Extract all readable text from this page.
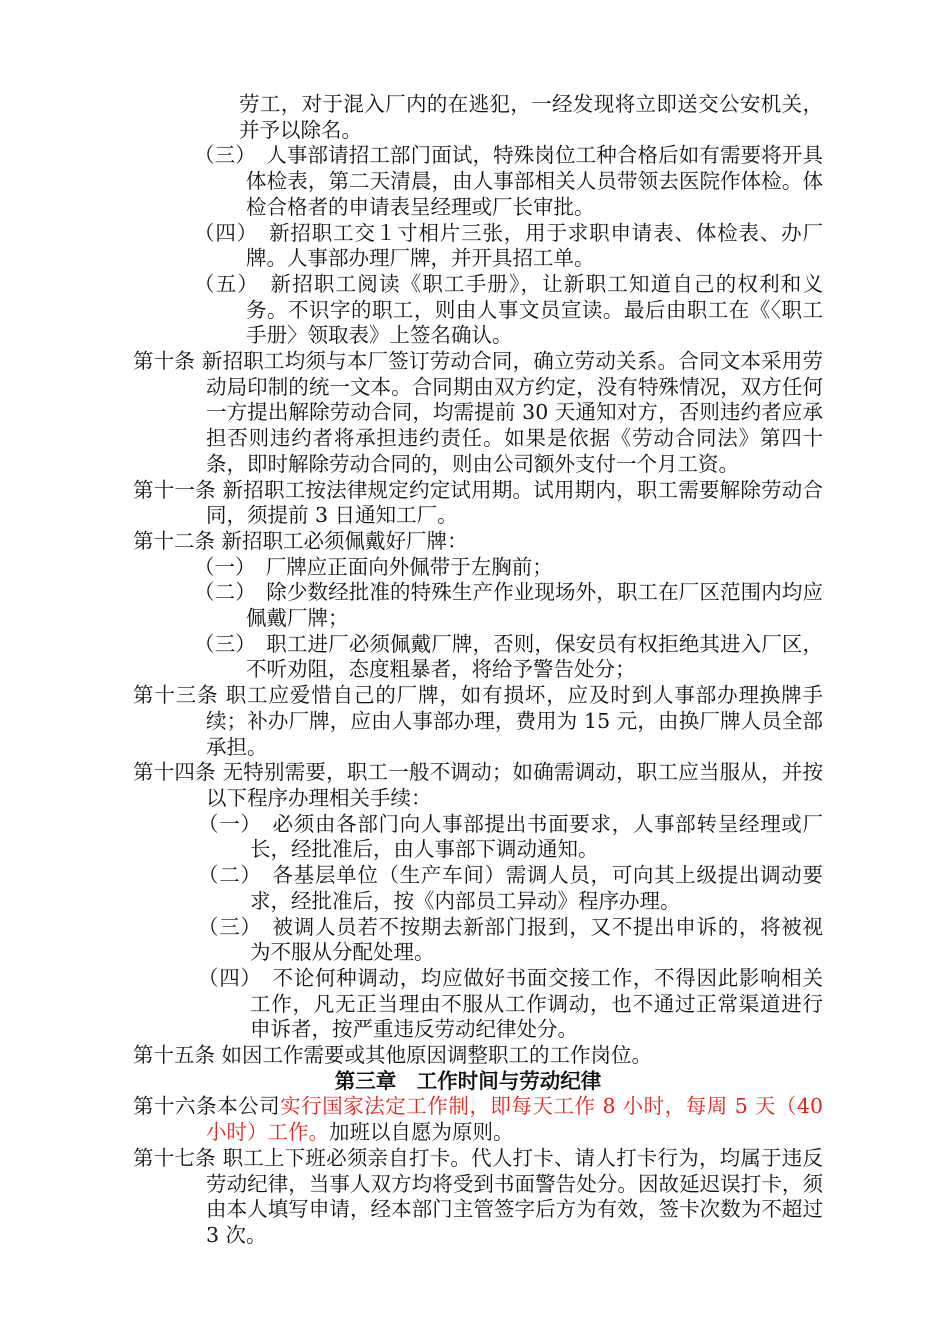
劳工，对于混入厂内的在逃犯，一经发现将立即送交公安机关，并予以除名。

（三）　人事部请招工部门面试，特殊岗位工种合格后如有需要将开具体检表，第二天清晨，由人事部相关人员带领去医院作体检。体检合格者的申请表呈经理或厂长审批。

（四）　新招职工交１寸相片三张，用于求职申请表、体检表、办厂牌。人事部办理厂牌，并开具招工单。

（五）　新招职工阅读《职工手册》，让新职工知道自己的权利和义务。不识字的职工，则由人事文员宣读。最后由职工在《〈职工手册〉领取表》上签名确认。

第十条 新招职工均须与本厂签订劳动合同，确立劳动关系。合同文本采用劳动局印制的统一文本。合同期由双方约定，没有特殊情况，双方任何一方提出解除劳动合同，均需提前 30 天通知对方，否则违约者应承担否则违约者将承担违约责任。如果是依据《劳动合同法》第四十条，即时解除劳动合同的，则由公司额外支付一个月工资。

第十一条 新招职工按法律规定约定试用期。试用期内，职工需要解除劳动合同，须提前 3 日通知工厂。

第十二条 新招职工必须佩戴好厂牌：

（一）　厂牌应正面向外佩带于左胸前；

（二）　除少数经批准的特殊生产作业现场外，职工在厂区范围内均应佩戴厂牌；

（三）　职工进厂必须佩戴厂牌，否则，保安员有权拒绝其进入厂区，不听劝阻，态度粗暴者，将给予警告处分；

第十三条 职工应爱惜自己的厂牌，如有损坏，应及时到人事部办理换牌手续；补办厂牌，应由人事部办理，费用为 15 元，由换厂牌人员全部承担。

第十四条 无特别需要，职工一般不调动；如确需调动，职工应当服从，并按以下程序办理相关手续：

（一）　必须由各部门向人事部提出书面要求，人事部转呈经理或厂长，经批准后，由人事部下调动通知。

（二）　各基层单位（生产车间）需调人员，可向其上级提出调动要求，经批准后，按《内部员工异动》程序办理。

（三）　被调人员若不按期去新部门报到，又不提出申诉的，将被视为不服从分配处理。

（四）　不论何种调动，均应做好书面交接工作，不得因此影响相关工作，凡无正当理由不服从工作调动，也不通过正常渠道进行申诉者，按严重违反劳动纪律处分。

第十五条 如因工作需要或其他原因调整职工的工作岗位。

第三章　工作时间与劳动纪律

第十六条本公司实行国家法定工作制，即每天工作 8 小时，每周 5 天（40 小时）工作。加班以自愿为原则。

第十七条 职工上下班必须亲自打卡。代人打卡、请人打卡行为，均属于违反劳动纪律，当事人双方均将受到书面警告处分。因故延迟误打卡，须由本人填写申请，经本部门主管签字后方为有效，签卡次数为不超过 3 次。
